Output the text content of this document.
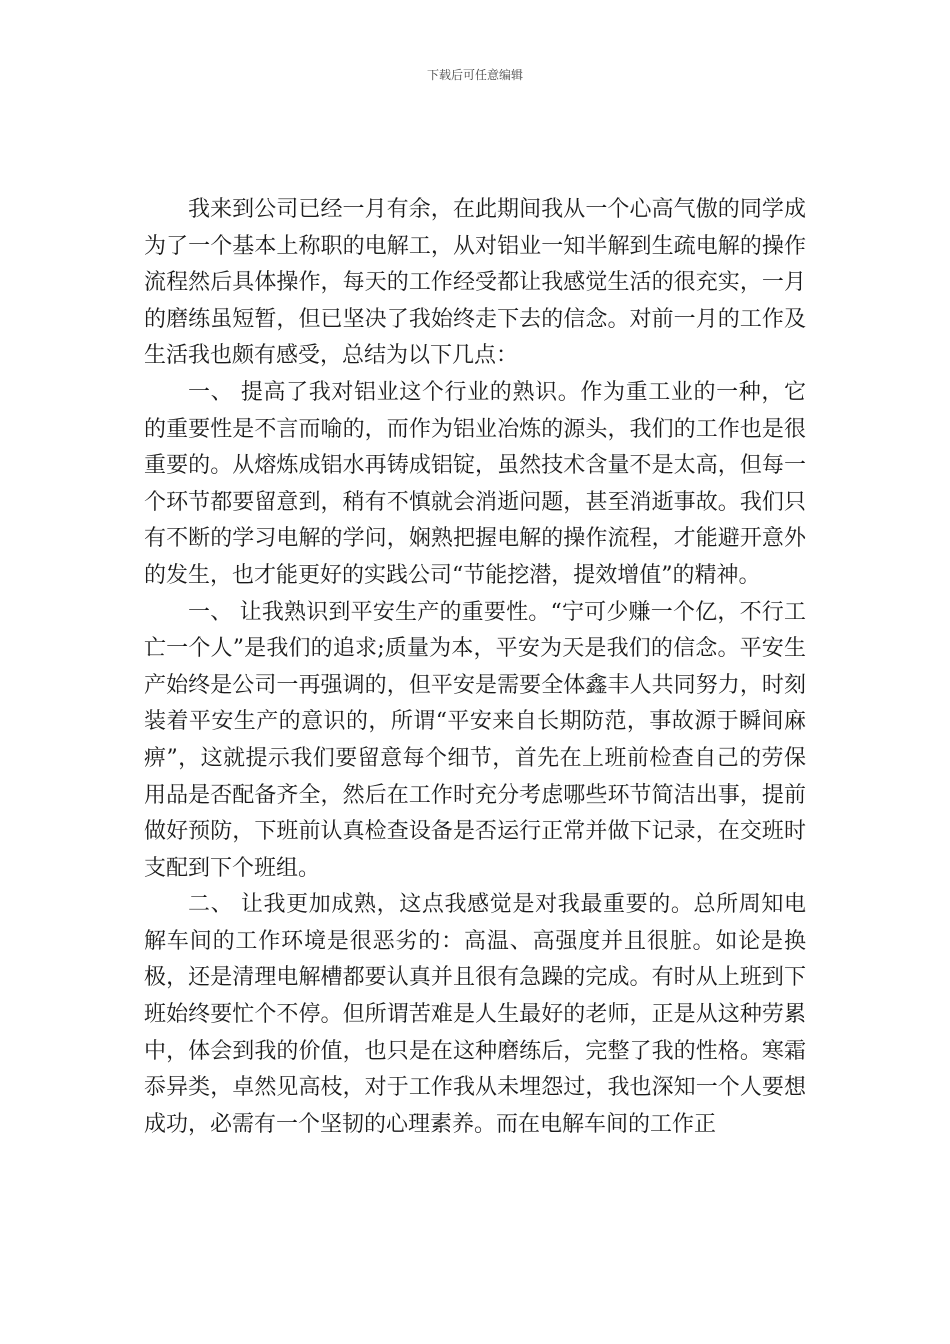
下载后可任意编辑

我来到公司已经一月有余，在此期间我从一个心高气傲的同学成为了一个基本上称职的电解工，从对铝业一知半解到生疏电解的操作流程然后具体操作，每天的工作经受都让我感觉生活的很充实，一月的磨练虽短暂，但已坚决了我始终走下去的信念。对前一月的工作及生活我也颇有感受，总结为以下几点：

一、 提高了我对铝业这个行业的熟识。作为重工业的一种，它的重要性是不言而喻的，而作为铝业冶炼的源头，我们的工作也是很重要的。从熔炼成铝水再铸成铝锭，虽然技术含量不是太高，但每一个环节都要留意到，稍有不慎就会消逝问题，甚至消逝事故。我们只有不断的学习电解的学问，娴熟把握电解的操作流程，才能避开意外的发生，也才能更好的实践公司“节能挖潜，提效增值”的精神。

一、 让我熟识到平安生产的重要性。“宁可少赚一个亿，不行工亡一个人”是我们的追求;质量为本，平安为天是我们的信念。平安生产始终是公司一再强调的，但平安是需要全体鑫丰人共同努力，时刻装着平安生产的意识的，所谓“平安来自长期防范，事故源于瞬间麻痹”，这就提示我们要留意每个细节，首先在上班前检查自己的劳保用品是否配备齐全，然后在工作时充分考虑哪些环节简洁出事，提前做好预防，下班前认真检查设备是否运行正常并做下记录，在交班时支配到下个班组。

二、 让我更加成熟，这点我感觉是对我最重要的。总所周知电解车间的工作环境是很恶劣的：高温、高强度并且很脏。如论是换极，还是清理电解槽都要认真并且很有急躁的完成。有时从上班到下班始终要忙个不停。但所谓苦难是人生最好的老师，正是从这种劳累中，体会到我的价值，也只是在这种磨练后，完整了我的性格。寒霜忝异类，卓然见高枝，对于工作我从未埋怨过，我也深知一个人要想成功，必需有一个坚韧的心理素养。而在电解车间的工作正
